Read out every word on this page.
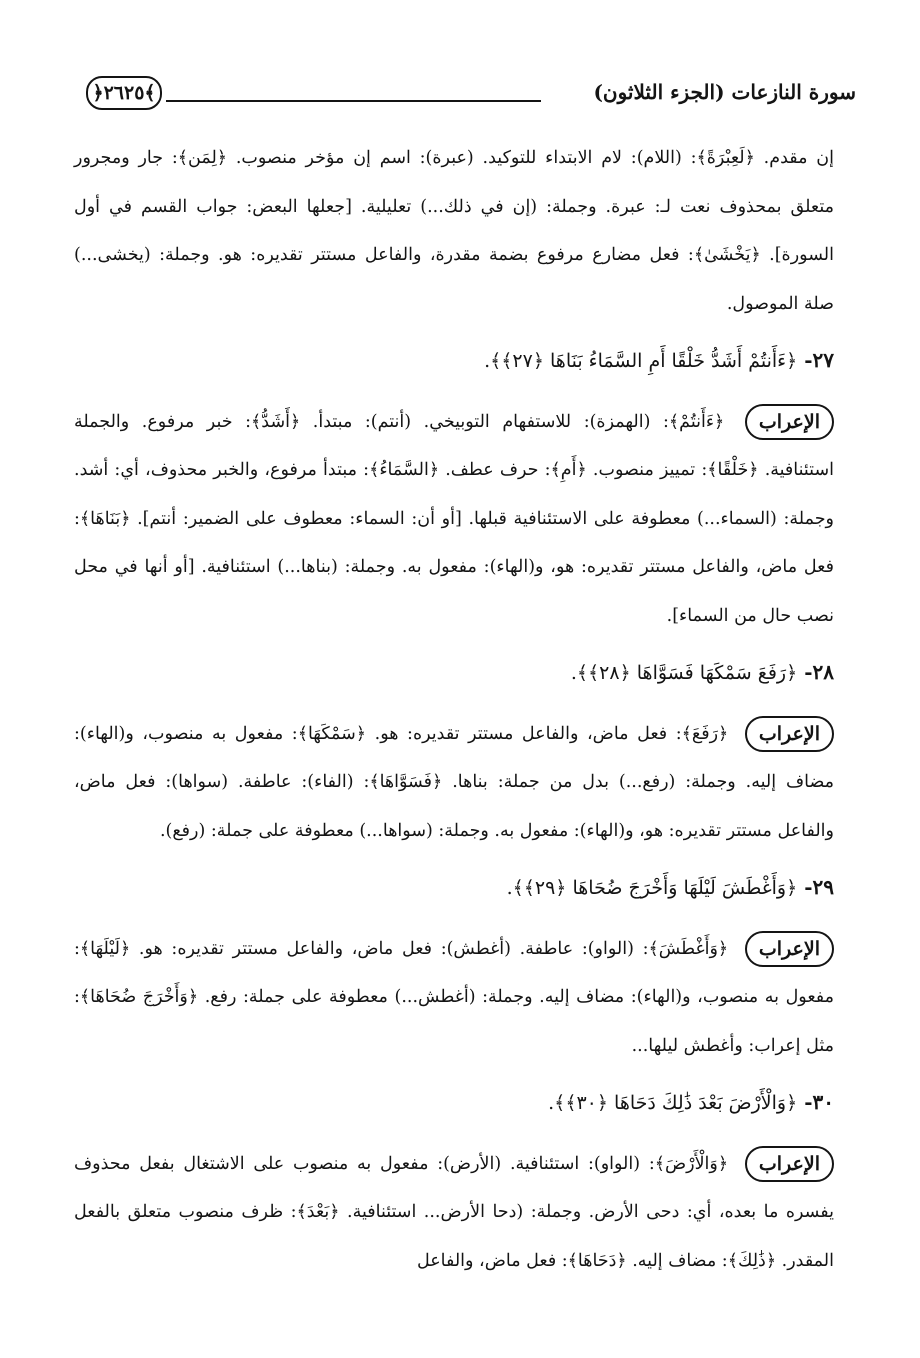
سورة النازعات (الجزء الثلاثون)
﴿٢٦٢٥﴾

إن مقدم. ﴿لَعِبْرَةً﴾: (اللام): لام الابتداء للتوكيد. (عبرة): اسم إن مؤخر منصوب. ﴿لِمَن﴾: جار ومجرور متعلق بمحذوف نعت لـ: عبرة. وجملة: (إن في ذلك...) تعليلية. [جعلها البعض: جواب القسم في أول السورة]. ﴿يَخْشَىٰ﴾: فعل مضارع مرفوع بضمة مقدرة، والفاعل مستتر تقديره: هو. وجملة: (يخشى...) صلة الموصول.

٢٧- ﴿ءَأَنتُمْ أَشَدُّ خَلْقًا أَمِ السَّمَاءُ بَنَاهَا ﴿٢٧﴾﴾.

الإعراب ﴿ءَأَنتُمْ﴾: (الهمزة): للاستفهام التوبيخي. (أنتم): مبتدأ. ﴿أَشَدُّ﴾: خبر مرفوع. والجملة استئنافية. ﴿خَلْقًا﴾: تمييز منصوب. ﴿أَمِ﴾: حرف عطف. ﴿السَّمَاءُ﴾: مبتدأ مرفوع، والخبر محذوف، أي: أشد. وجملة: (السماء...) معطوفة على الاستئنافية قبلها. [أو أن: السماء: معطوف على الضمير: أنتم]. ﴿بَنَاهَا﴾: فعل ماض، والفاعل مستتر تقديره: هو، و(الهاء): مفعول به. وجملة: (بناها...) استئنافية. [أو أنها في محل نصب حال من السماء].

٢٨- ﴿رَفَعَ سَمْكَهَا فَسَوَّاهَا ﴿٢٨﴾﴾.

الإعراب ﴿رَفَعَ﴾: فعل ماض، والفاعل مستتر تقديره: هو. ﴿سَمْكَهَا﴾: مفعول به منصوب، و(الهاء): مضاف إليه. وجملة: (رفع...) بدل من جملة: بناها. ﴿فَسَوَّاهَا﴾: (الفاء): عاطفة. (سواها): فعل ماض، والفاعل مستتر تقديره: هو، و(الهاء): مفعول به. وجملة: (سواها...) معطوفة على جملة: (رفع).

٢٩- ﴿وَأَغْطَشَ لَيْلَهَا وَأَخْرَجَ ضُحَاهَا ﴿٢٩﴾﴾.

الإعراب ﴿وَأَغْطَشَ﴾: (الواو): عاطفة. (أغطش): فعل ماض، والفاعل مستتر تقديره: هو. ﴿لَيْلَهَا﴾: مفعول به منصوب، و(الهاء): مضاف إليه. وجملة: (أغطش...) معطوفة على جملة: رفع. ﴿وَأَخْرَجَ ضُحَاهَا﴾: مثل إعراب: وأغطش ليلها...

٣٠- ﴿وَالْأَرْضَ بَعْدَ ذَٰلِكَ دَحَاهَا ﴿٣٠﴾﴾.

الإعراب ﴿وَالْأَرْضَ﴾: (الواو): استئنافية. (الأرض): مفعول به منصوب على الاشتغال بفعل محذوف يفسره ما بعده، أي: دحى الأرض. وجملة: (دحا الأرض... استئنافية. ﴿بَعْدَ﴾: ظرف منصوب متعلق بالفعل المقدر. ﴿ذَٰلِكَ﴾: مضاف إليه. ﴿دَحَاهَا﴾: فعل ماض، والفاعل
